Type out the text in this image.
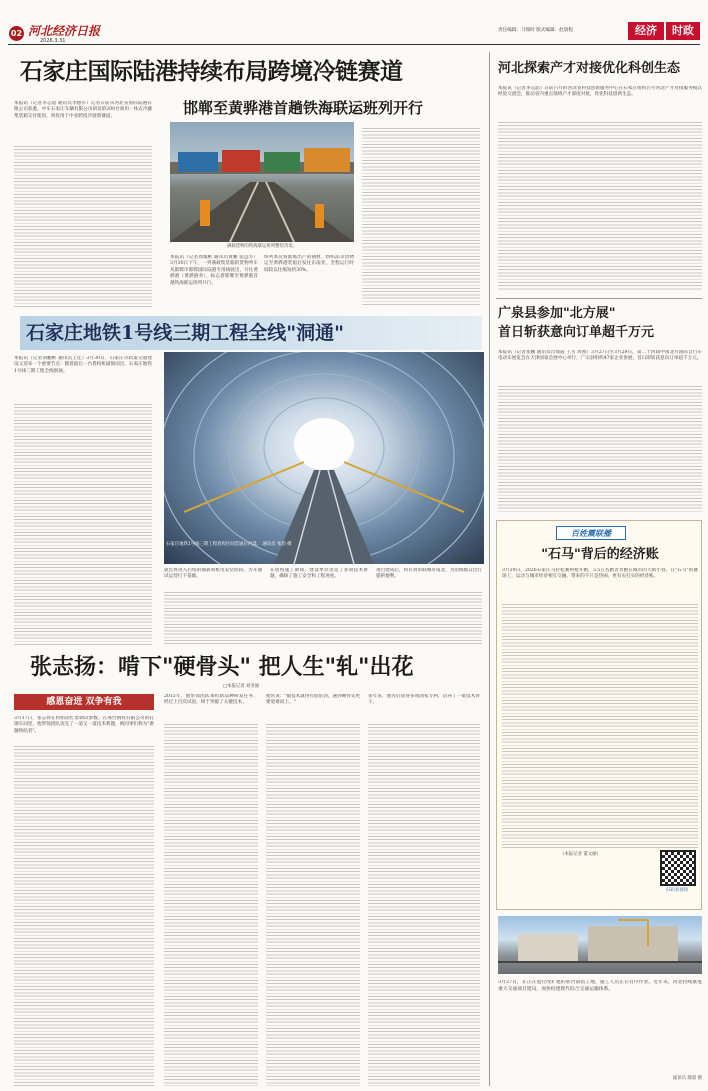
02 河北经济日报
2026.3.31
责任编辑：马瑞时 版式编辑：赵晨程	经济	时政
石家庄国际陆港持续布局跨境冷链赛道
邯郸至黄骅港首趟铁海联运班列开行
本报讯（记者李志韶 通讯员李德军）记者日前从河北省国际陆港有限公司获悉，中车石家庄车辆有限公司研发的200台商用一体式冷藏集装箱交付使用，将投用于中亚跨境冷链新赛道。
满载货物的铁海联运班列整装待发。
本报讯（记者周逸彬 通讯员黄鹏 张远方）3月30日下午，一列满载集装箱的货物列车从邯郸市邯郸国际陆港专用线驶出，开往黄骅港（黄骅港务），标志着邯郸至黄骅港首趟铁海联运班列开行。
班列本次将邯郸出产的钢材、纺织品等货物运至黄骅港装船后发往东南亚，全程运行时间较以往缩短约30%。
石家庄地铁1号线三期工程全线"洞通"
本报讯（记者刘鹏彬 通讯员王佳）3月30日，石家庄市轨道交通建设又迎来一个重要节点：随着最后一台盾构机破洞而出，石家庄地铁1号线三期工程全线洞通。
石家庄地铁1号线三期工程盾构区间贯通后内景。 通讯员 张韵 摄
通讯员 张韵 摄
就近将进入后续的铺轨和机电安装阶段，为开通试运营打下基础。
在盾构施工期间，建设单位攻克了多项技术难题，确保了施工安全和工程进度。
项目建成后，将有效串联城市南北，为沿线群众出行提供便利。
张志扬：啃下"硬骨头" 把人生"轧"出花
□本报记者 刘亚丽
感恩奋进 双争有我
3月17日，张志扬在机组前忙着调试参数。在邢台钢铁有限公司的轧钢车间里，他带领团队攻克了一道又一道技术难题，被同事们称为"难题终结者"。
2015年，他带领团队承担新品种研发任务，经过上百次试验，终于突破了关键技术。
他常说："搞技术就得有股钻劲，遇到硬骨头更要迎难而上。"
多年来，他先后获得多项国家专利，培养了一批技术骨干。
河北探索产才对接优化科创生态
本报讯（记者李志韶）日前召开的河北省科技创新服务中心在石家庄组织召开河北产才对接服务模式经验交流会，推动省内重点领域产才深度对接，优化科技创新生态。
广泉县参加"北方展"
首日斩获意向订单超千万元
本报讯（记者张鹏 通讯员肖瑞霞 王雪 周燕）3月27日至3月29日，第二十四届中国北方国际自行车电动车展览会在天津国家会展中心举行，广宗县组织47家企业参展，首日即斩获意向订单超千万元。
百姓震联播
"石马"背后的经济账
3月29日，2026石家庄马拉松赛鸣枪开跑，3.5万名跑者奔跑在城市的大街小巷。在"石马"的赛场上，运动与城市经济相互交融，带来的不只是热闹，更有实打实的经济账。
（本报记者 董文丽）
扫码看视频
3月27日，在正在进行改扩建的邢台南站工地，施工人员正在有序作业。近年来，河北持续推进重大交通项目建设，加快构建现代综合交通运输体系。
通讯员 郝晨 摄
